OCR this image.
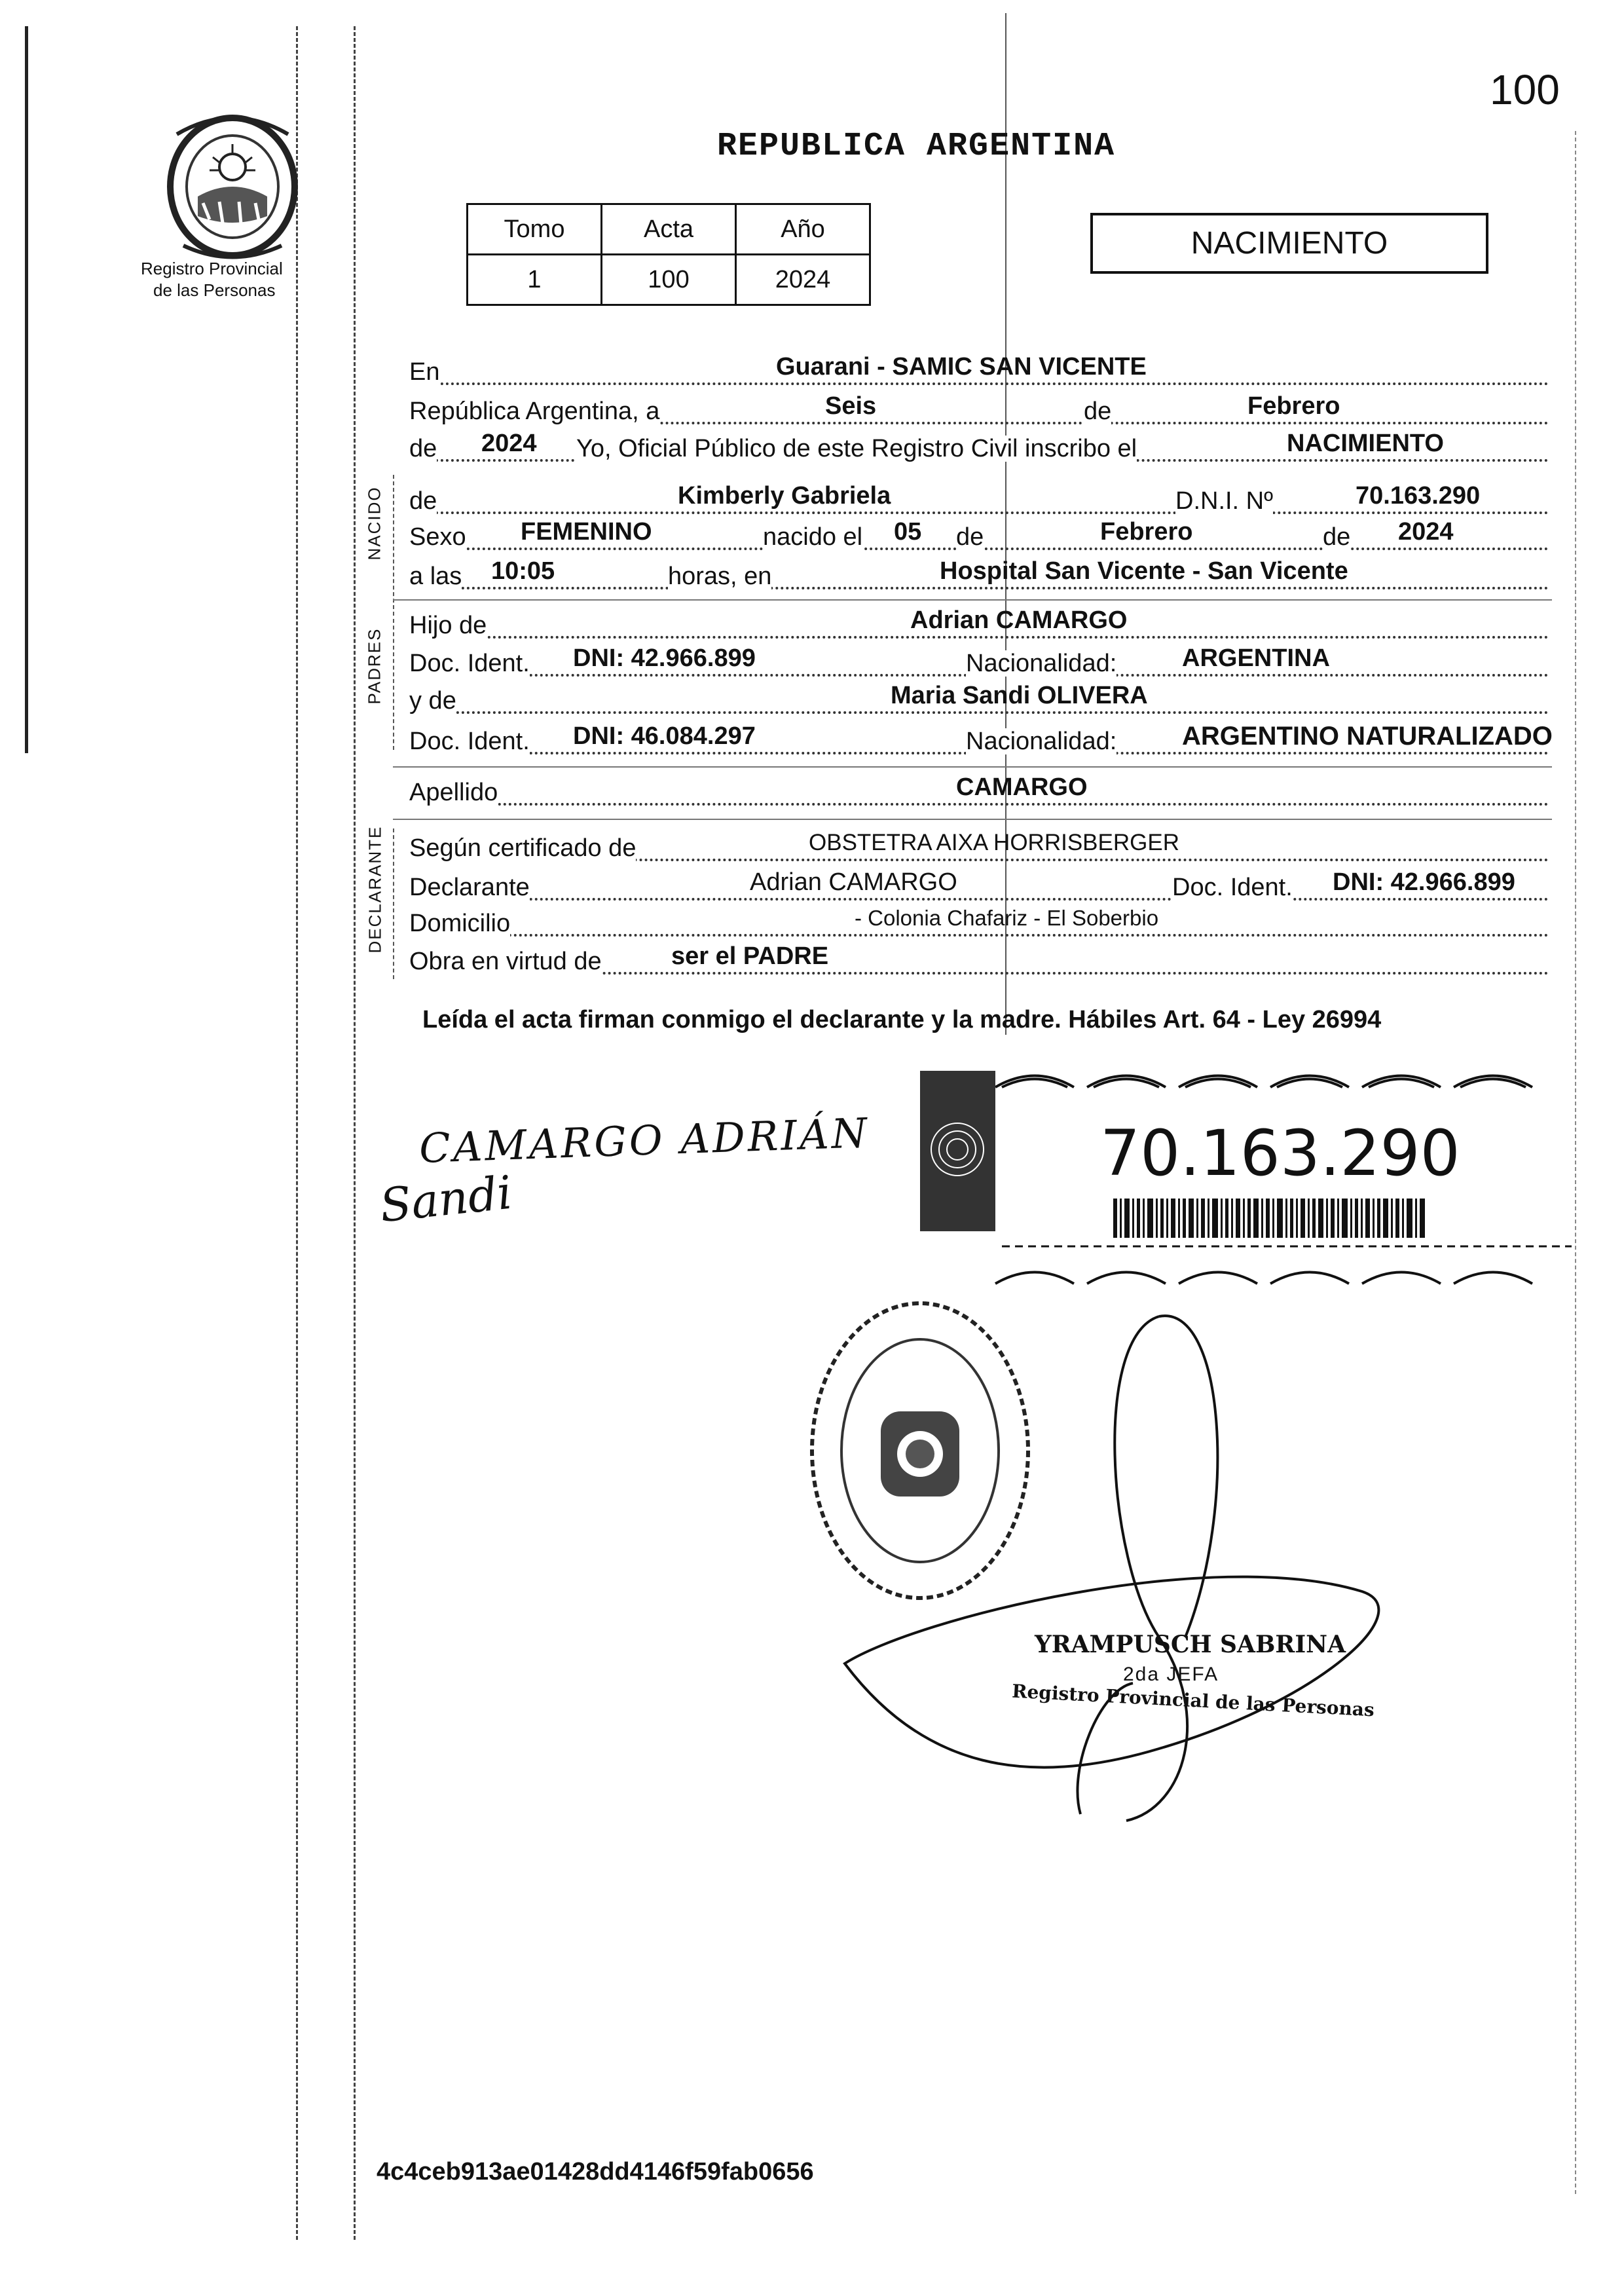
100
Registro Provincial
de las Personas
REPUBLICA ARGENTINA
Tomo	Acta	Año
1	100	2024
NACIMIENTO
NACIDO
PADRES
DECLARANTE
En	Guarani - SAMIC SAN VICENTE
República Argentina, a	Seis	de	Febrero
de 2024 Yo, Oficial Público de este Registro Civil inscribo el	NACIMIENTO
de	Kimberly Gabriela	D.N.I. Nº	70.163.290
Sexo FEMENINO	nacido el 05 de	Febrero	de 2024
a las 10:05	horas, en	Hospital San Vicente - San Vicente
Hijo de	Adrian CAMARGO
Doc. Ident. DNI: 42.966.899	Nacionalidad:	ARGENTINA
y de	Maria Sandi OLIVERA
Doc. Ident. DNI: 46.084.297	Nacionalidad: ARGENTINO NATURALIZADO
Apellido	CAMARGO
Según certificado de	OBSTETRA AIXA HORRISBERGER
Declarante	Adrian CAMARGO	Doc. Ident. DNI: 42.966.899
Domicilio	- Colonia Chafariz - El Soberbio
Obra en virtud de	ser el PADRE
Leída el acta firman conmigo el declarante y la madre. Hábiles Art. 64 - Ley 26994
CAMARGO ADRIÁN
Sandi
70.163.290
YRAMPUSCH SABRINA
2da JEFA
Registro Provincial de las Personas
4c4ceb913ae01428dd4146f59fab0656
